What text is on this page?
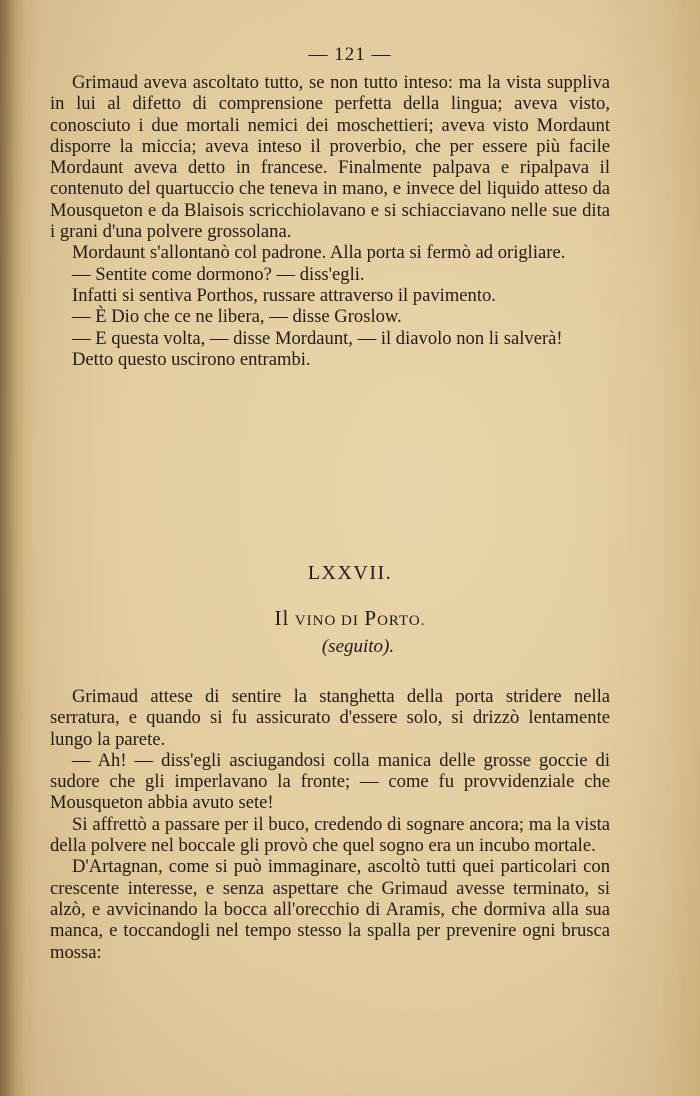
— 121 —

Grimaud aveva ascoltato tutto, se non tutto inteso: ma la vista suppliva in lui al difetto di comprensione perfetta della lingua; aveva visto, conosciuto i due mortali nemici dei moschettieri; aveva visto Mordaunt disporre la miccia; aveva inteso il proverbio, che per essere più facile Mordaunt aveva detto in francese. Finalmente palpava e ripalpava il contenuto del quartuccio che teneva in mano, e invece del liquido atteso da Mousqueton e da Blaisois scricchiolavano e si schiacciavano nelle sue dita i grani d'una polvere grossolana.

Mordaunt s'allontanò col padrone. Alla porta si fermò ad origliare.

— Sentite come dormono? — diss'egli.

Infatti si sentiva Porthos, russare attraverso il pavimento.

— È Dio che ce ne libera, — disse Groslow.

— E questa volta, — disse Mordaunt, — il diavolo non li salverà!

Detto questo uscirono entrambi.

LXXVII.
Il VINO DI PORTO.
(seguito).

Grimaud attese di sentire la stanghetta della porta stridere nella serratura, e quando si fu assicurato d'essere solo, si drizzò lentamente lungo la parete.

— Ah! — diss'egli asciugandosi colla manica delle grosse goccie di sudore che gli imperlavano la fronte; — come fu provvidenziale che Mousqueton abbia avuto sete!

Si affrettò a passare per il buco, credendo di sognare ancora; ma la vista della polvere nel boccale gli provò che quel sogno era un incubo mortale.

D'Artagnan, come si può immaginare, ascoltò tutti quei particolari con crescente interesse, e senza aspettare che Grimaud avesse terminato, si alzò, e avvicinando la bocca all'orecchio di Aramis, che dormiva alla sua manca, e toccandogli nel tempo stesso la spalla per prevenire ogni brusca mossa:
